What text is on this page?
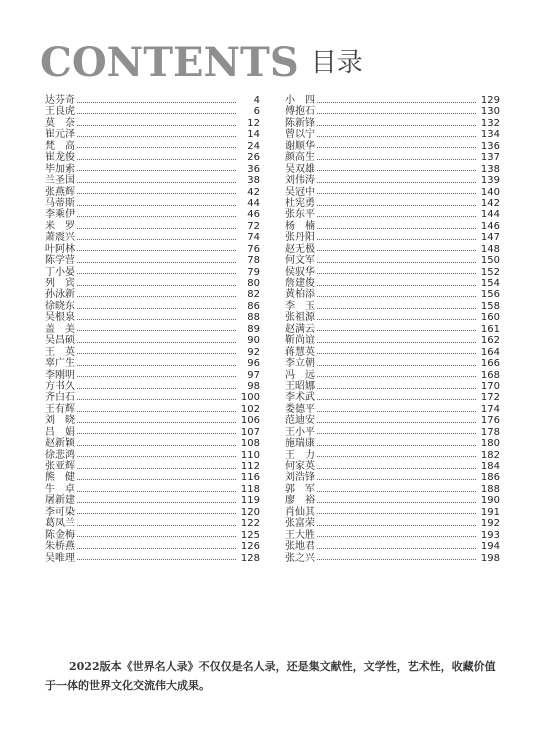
CONTENTS 目录
达芬奇	4
王良虎	6
莫　奈	12
崔元泽	14
梵　高	24
崔龙俊	26
毕加索	36
兰圣国	38
张燕辉	42
马蒂斯	44
李乘伊	46
米　罗	72
萧震兴	74
叶阿林	76
陈学营	78
丁小晏	79
列　宾	80
孙泳新	82
徐晓东	86
吴根泉	88
盖　美	89
吴昌硕	90
王　英	92
辜广生	96
李刚明	97
方书久	98
齐白石	100
王有辉	102
刘　晓	106
吕　娟	107
赵新颖	108
徐悲鸿	110
张亚辉	112
熊　健	116
牛　卓	118
屠新建	119
李可染	120
葛凤兰	122
陈金梅	125
朱桥燕	126
吴唯理	128
小　四	129
傅抱石	130
陈新锋	132
曾以宁	134
谢顺华	136
颜高生	137
吴双雄	138
刘伟涛	139
吴冠中	140
杜宪勇	142
张东平	144
杨　楠	146
张丹阳	147
赵无极	148
何文军	150
侯驭华	152
詹建俊	154
黄柏添	156
李　玉	158
张祖源	160
赵满云	161
靳尚谊	162
蒋慧英	164
李立朝	166
冯　远	168
王昭娜	170
李术武	172
娄德平	174
范迪安	176
王小平	178
施瑞康	180
王　力	182
何家英	184
刘浩锋	186
郭　军	188
廖　裕	190
肖仙其	191
张富荣	192
王大胜	193
张地君	194
张之兴	198
2022版本《世界名人录》不仅仅是名人录，还是集文献性，文学性，艺术性，收藏价值于一体的世界文化交流伟大成果。
